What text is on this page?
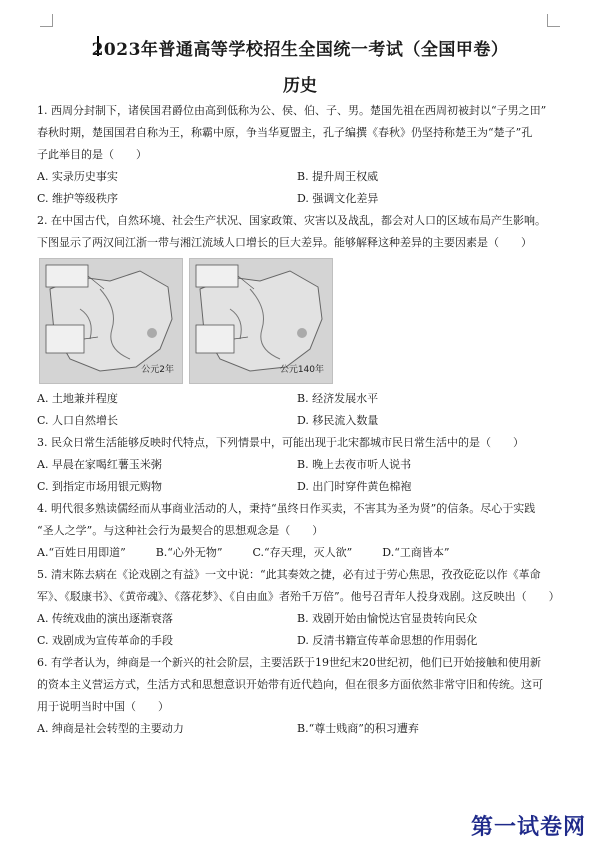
2023年普通高等学校招生全国统一考试（全国甲卷）
历史

1. 西周分封制下，诸侯国君爵位由高到低称为公、侯、伯、子、男。楚国先祖在西周初被封以“子男之田”

春秋时期，楚国国君自称为王，称霸中原，争当华夏盟主，孔子编撰《春秋》仍坚持称楚王为“楚子”孔

子此举目的是（　　）

A. 实录历史事实	B. 提升周王权威
C. 维护等级秩序	D. 强调文化差异

2. 在中国古代，自然环境、社会生产状况、国家政策、灾害以及战乱，都会对人口的区域布局产生影响。

下图显示了两汉间江浙一带与湘江流域人口增长的巨大差异。能够解释这种差异的主要因素是（　　）

公元2年	公元140年
A. 土地兼并程度	B. 经济发展水平
C. 人口自然增长	D. 移民流入数量

3. 民众日常生活能够反映时代特点，下列情景中，可能出现于北宋都城市民日常生活中的是（　　）

A. 早晨在家喝红薯玉米粥	B. 晚上去夜市听人说书
C. 到指定市场用银元购物	D. 出门时穿件黄色棉袍

4. 明代很多熟读儒经而从事商业活动的人，秉持“虽终日作买卖，不害其为圣为贤”的信条。尽心于实践

“圣人之学”。与这种社会行为最契合的思想观念是（　　）

A.“百姓日用即道”	B.“心外无物”	C.“存天理，灭人欲”	D.“工商皆本”

5. 清末陈去病在《论戏剧之有益》一文中说：“此其奏效之捷，必有过于劳心焦思，孜孜矻矻以作《革命

军》、《駁康书》、《黄帝魂》、《落花梦》、《自由血》者殆千万倍”。他号召青年人投身戏剧。这反映出（　　）

A. 传统戏曲的演出逐渐衰落	B. 戏剧开始由愉悦达官显贵转向民众
C. 戏剧成为宣传革命的手段	D. 反清书籍宣传革命思想的作用弱化

6. 有学者认为，绅商是一个新兴的社会阶层，主要活跃于19世纪末20世纪初，他们已开始接触和使用新

的资本主义营运方式，生活方式和思想意识开始带有近代趋向，但在很多方面依然非常守旧和传统。这可

用于说明当时中国（　　）

A. 绅商是社会转型的主要动力	B.“尊士贱商”的积习遭弃
第一试卷网
